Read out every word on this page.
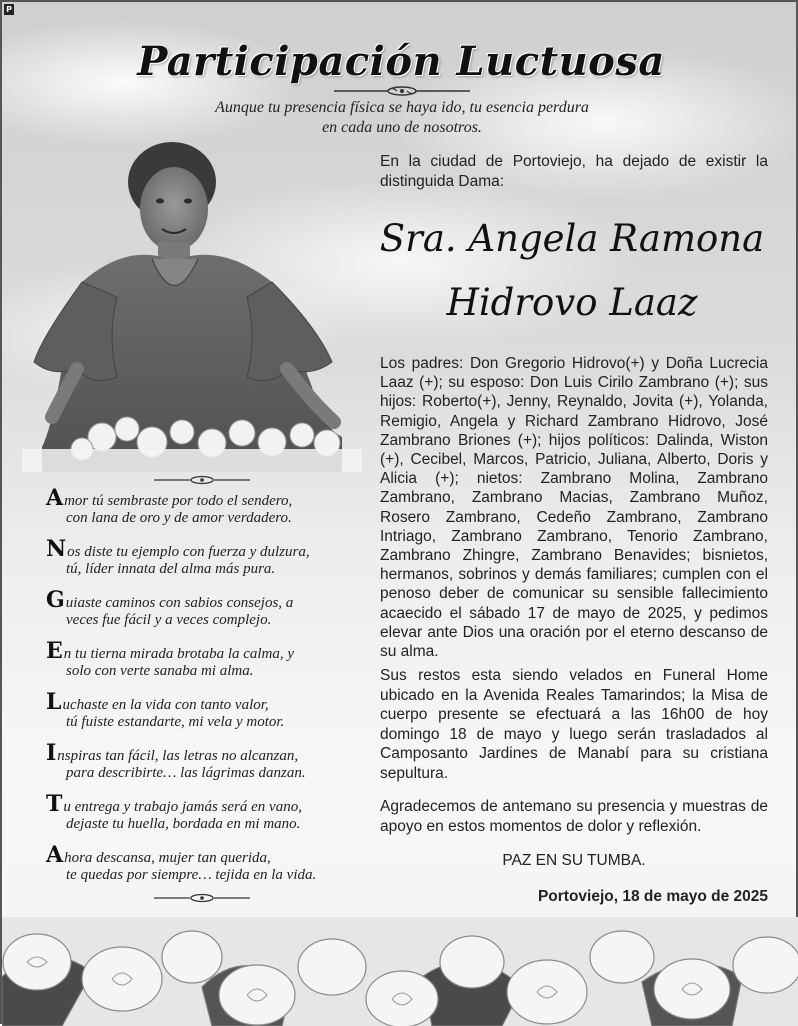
P
Participación Luctuosa
Aunque tu presencia física se haya ido, tu esencia perdura
en cada uno de nosotros.
Amor tú sembraste por todo el sendero,
con lana de oro y de amor verdadero.
Nos diste tu ejemplo con fuerza y dulzura,
tú, líder innata del alma más pura.
Guiaste caminos con sabios consejos, a
veces fue fácil y a veces complejo.
En tu tierna mirada brotaba la calma, y
solo con verte sanaba mi alma.
Luchaste en la vida con tanto valor,
tú fuiste estandarte, mi vela y motor.
Inspiras tan fácil, las letras no alcanzan,
para describirte… las lágrimas danzan.
Tu entrega y trabajo jamás será en vano,
dejaste tu huella, bordada en mi mano.
Ahora descansa, mujer tan querida,
te quedas por siempre… tejida en la vida.
En la ciudad de Portoviejo, ha dejado de existir la distinguida Dama:
Sra. Angela Ramona
Hidrovo Laaz

Los padres: Don Gregorio Hidrovo(+) y Doña Lucrecia Laaz (+); su esposo: Don Luis Cirilo Zambrano (+); sus hijos: Roberto(+), Jenny, Reynaldo, Jovita (+), Yolanda, Remigio, Angela y Richard Zambrano Hidrovo, José Zambrano Briones (+); hijos políticos: Dalinda, Wiston (+), Cecibel, Marcos, Patricio, Juliana, Alberto, Doris y Alicia (+); nietos: Zambrano Molina, Zambrano Zambrano, Zambrano Macias, Zambrano Muñoz, Rosero Zambrano, Cedeño Zambrano, Zambrano Intriago, Zambrano Zambrano, Tenorio Zambrano, Zambrano Zhingre, Zambrano Benavides; bisnietos, hermanos, sobrinos y demás familiares; cumplen con el penoso deber de comunicar su sensible fallecimiento acaecido el sábado 17 de mayo de 2025, y pedimos elevar ante Dios una oración por el eterno descanso de su alma.

Sus restos esta siendo velados en Funeral Home ubicado en la Avenida Reales Tamarindos; la Misa de cuerpo presente se efectuará a las 16h00 de hoy domingo 18 de mayo y luego serán trasladados al Camposanto Jardines de Manabí para su cristiana sepultura.

Agradecemos de antemano su presencia y muestras de apoyo en estos momentos de dolor y reflexión.

PAZ EN SU TUMBA.
Portoviejo, 18 de mayo de 2025
